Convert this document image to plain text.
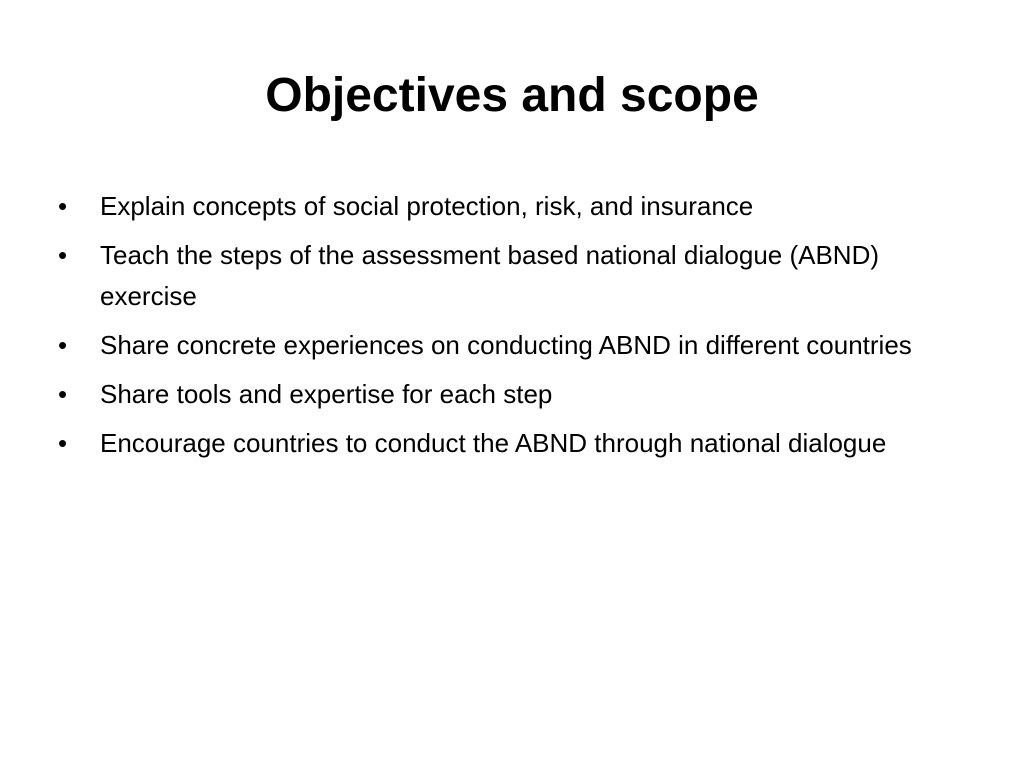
Objectives and scope
•	Explain concepts of social protection, risk, and insurance
•	Teach the steps of the assessment based national dialogue (ABND) exercise
•	Share concrete experiences on conducting ABND in different countries
•	Share tools and expertise for each step
•	Encourage countries to conduct the ABND through national dialogue
